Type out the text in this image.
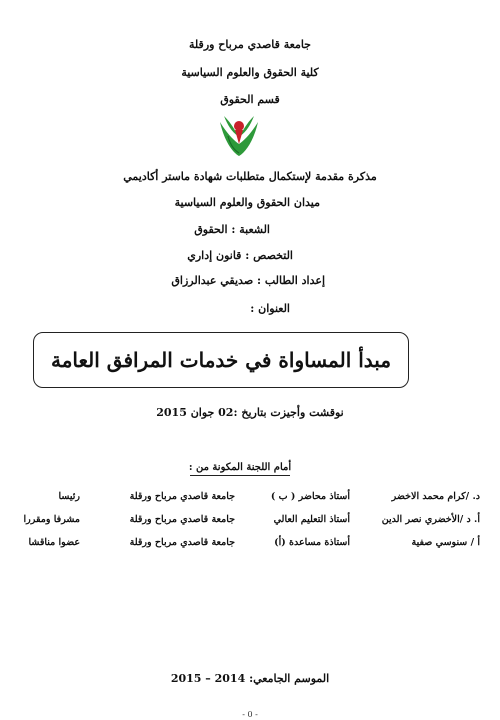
جامعة قاصدي مرباح ورقلة
كلية الحقوق والعلوم السياسية
قسم الحقوق
مذكرة مقدمة لإستكمال متطلبات شهادة ماستر أكاديمي
ميدان الحقوق والعلوم السياسية
الشعبة : الحقوق
التخصص : قانون إداري
إعداد الطالب : صديقي عبدالرزاق
العنوان :
مبدأ المساواة في خدمات المرافق العامة
نوقشت وأجيزت بتاريخ :02 جوان 2015
أمام اللجنة المكونة من :
د. /كرام محمد الاخضر
أستاذ محاضر ( ب )
جامعة قاصدي مرباح ورقلة
رئيسا
أ. د /الأخضري نصر الدين
أستاذ التعليم العالي
جامعة قاصدي مرباح ورقلة
مشرفا ومقررا
أ / سنوسي صفية
أستاذة مساعدة (أ)
جامعة قاصدي مرباح ورقلة
عضوا مناقشا
الموسم الجامعي: 2014 – 2015
- 0 -
